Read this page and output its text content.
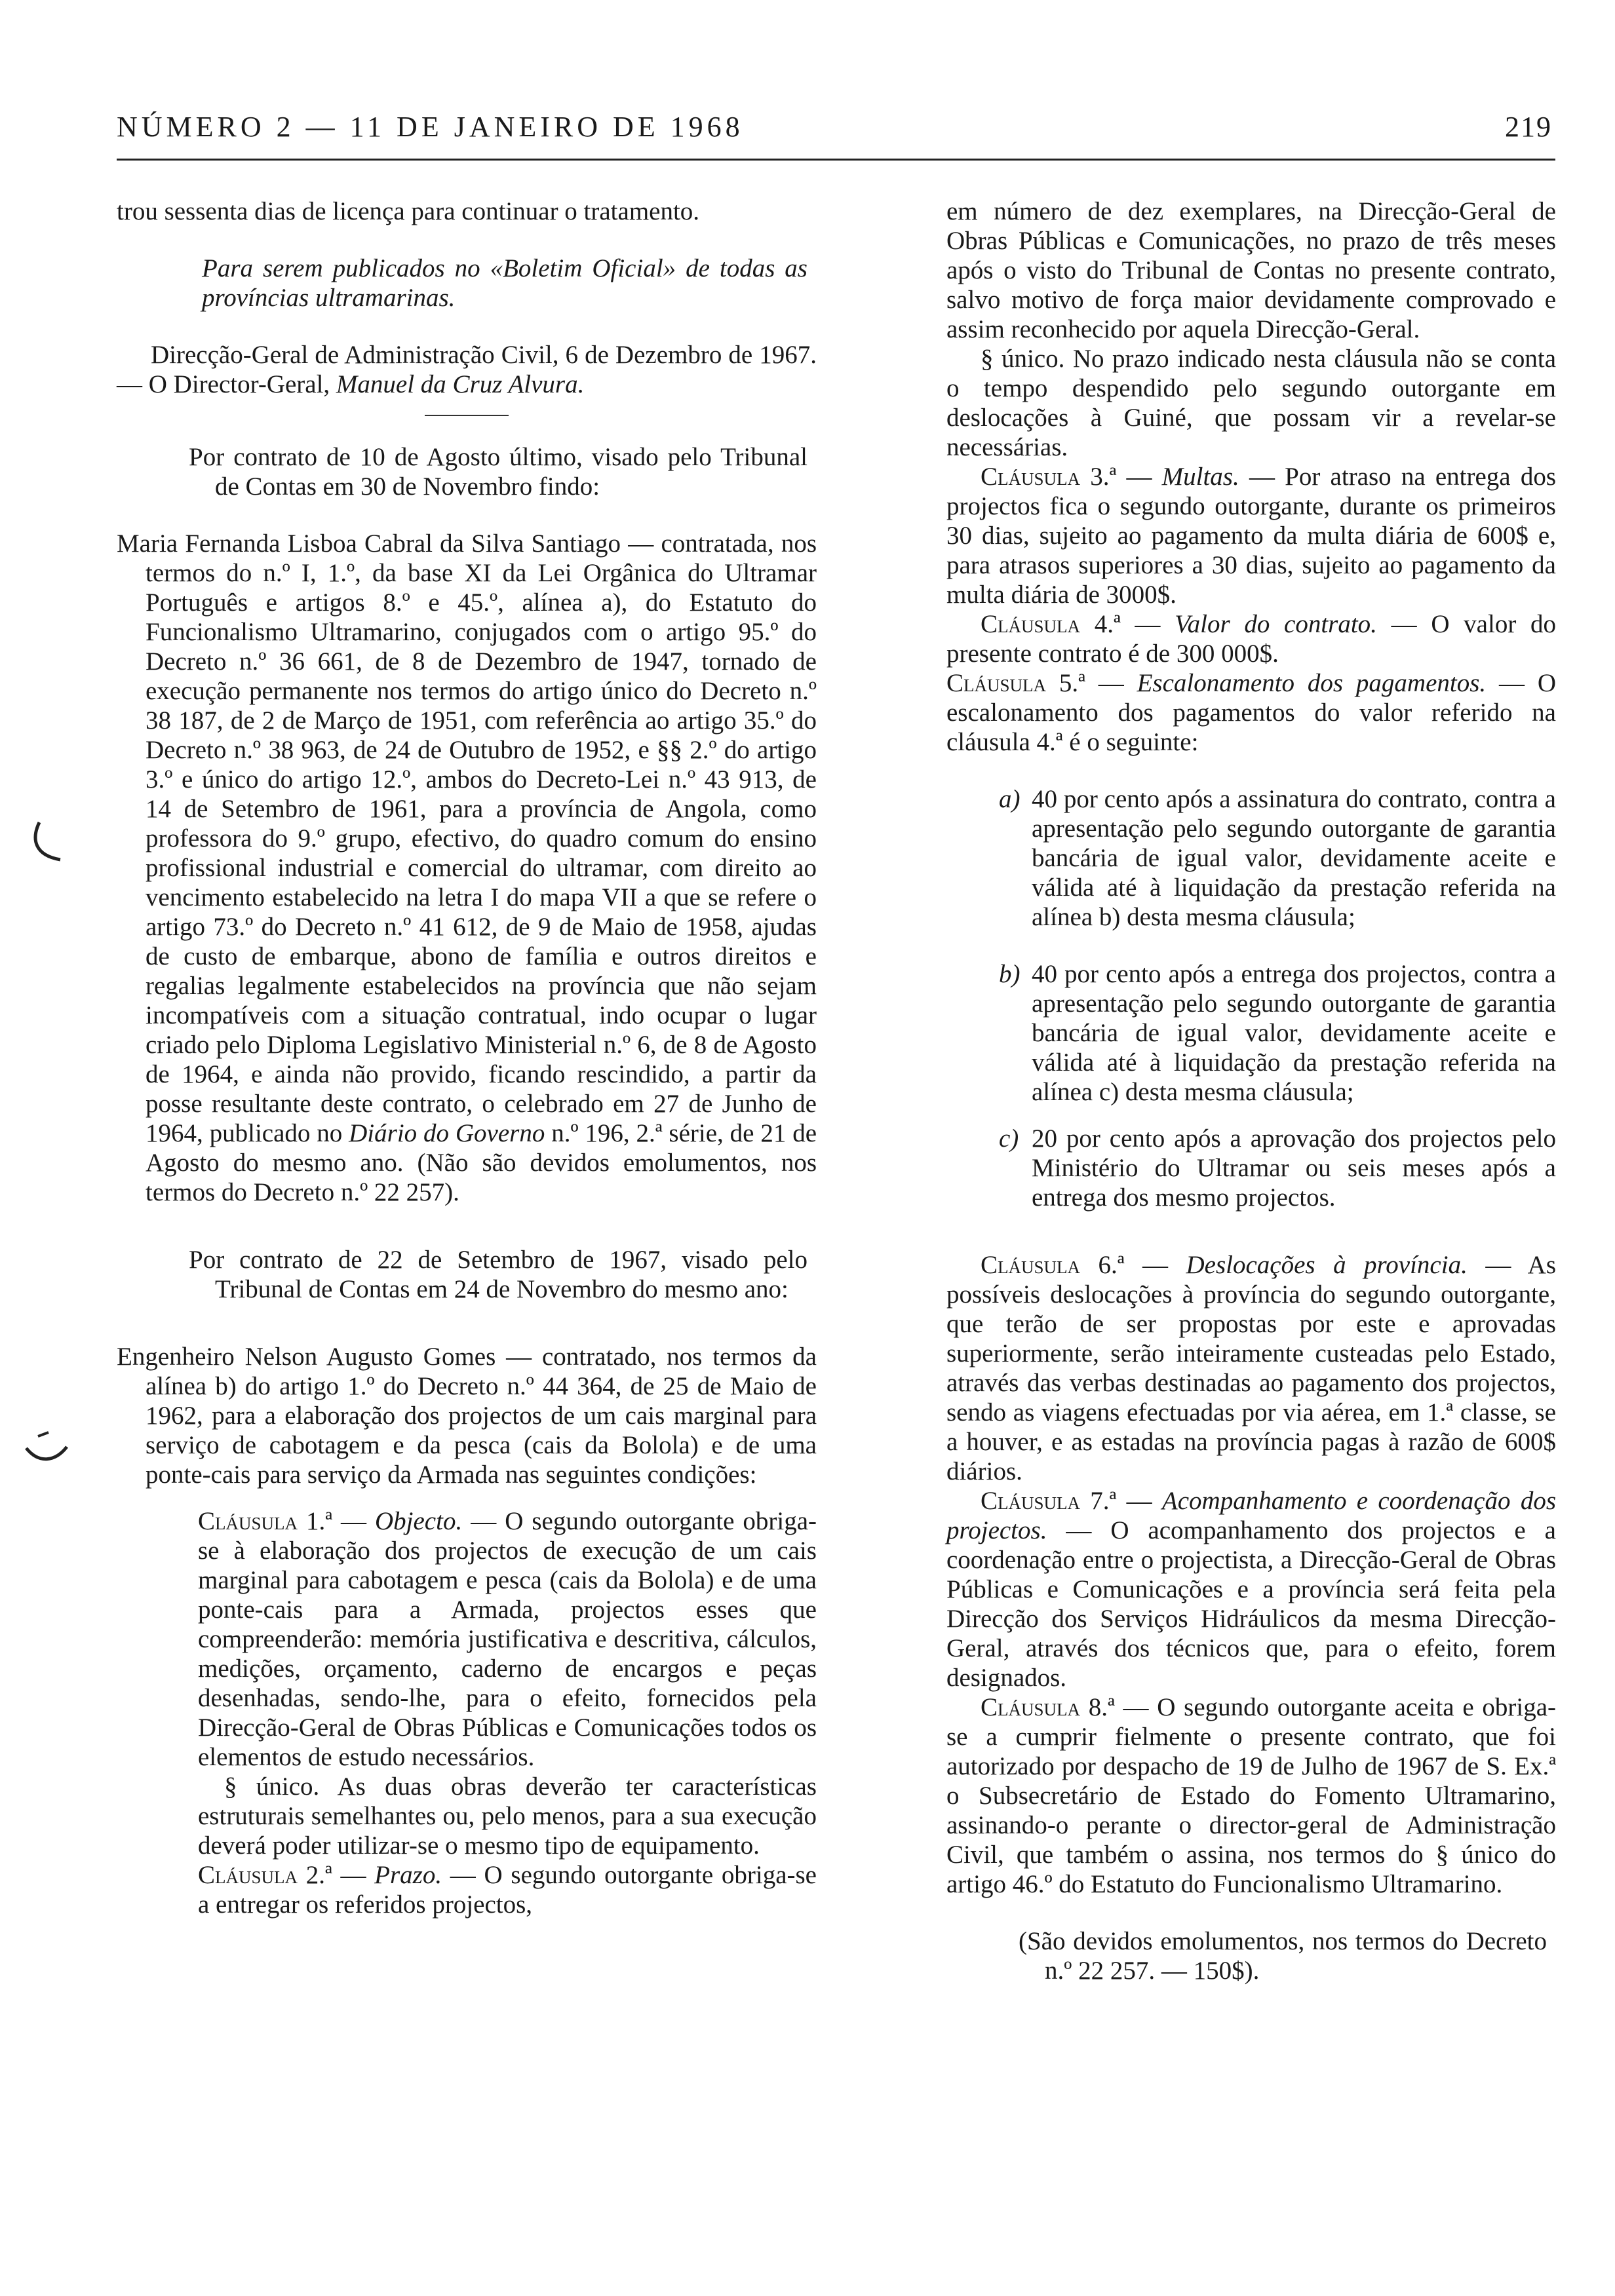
NÚMERO 2 — 11 DE JANEIRO DE 1968	219

trou sessenta dias de licença para continuar o tratamento.

Para serem publicados no «Boletim Oficial» de todas as províncias ultramarinas.

Direcção-Geral de Administração Civil, 6 de Dezembro de 1967. — O Director-Geral, Manuel da Cruz Alvura.

Por contrato de 10 de Agosto último, visado pelo Tribunal de Contas em 30 de Novembro findo:

Maria Fernanda Lisboa Cabral da Silva Santiago — contratada, nos termos do n.º I, 1.º, da base XI da Lei Orgânica do Ultramar Português e artigos 8.º e 45.º, alínea a), do Estatuto do Funcionalismo Ultramarino, conjugados com o artigo 95.º do Decreto n.º 36 661, de 8 de Dezembro de 1947, tornado de execução permanente nos termos do artigo único do Decreto n.º 38 187, de 2 de Março de 1951, com referência ao artigo 35.º do Decreto n.º 38 963, de 24 de Outubro de 1952, e §§ 2.º do artigo 3.º e único do artigo 12.º, ambos do Decreto-Lei n.º 43 913, de 14 de Setembro de 1961, para a província de Angola, como professora do 9.º grupo, efectivo, do quadro comum do ensino profissional industrial e comercial do ultramar, com direito ao vencimento estabelecido na letra I do mapa VII a que se refere o artigo 73.º do Decreto n.º 41 612, de 9 de Maio de 1958, ajudas de custo de embarque, abono de família e outros direitos e regalias legalmente estabelecidos na província que não sejam incompatíveis com a situação contratual, indo ocupar o lugar criado pelo Diploma Legislativo Ministerial n.º 6, de 8 de Agosto de 1964, e ainda não provido, ficando rescindido, a partir da posse resultante deste contrato, o celebrado em 27 de Junho de 1964, publicado no Diário do Governo n.º 196, 2.ª série, de 21 de Agosto do mesmo ano. (Não são devidos emolumentos, nos termos do Decreto n.º 22 257).

Por contrato de 22 de Setembro de 1967, visado pelo Tribunal de Contas em 24 de Novembro do mesmo ano:

Engenheiro Nelson Augusto Gomes — contratado, nos termos da alínea b) do artigo 1.º do Decreto n.º 44 364, de 25 de Maio de 1962, para a elaboração dos projectos de um cais marginal para serviço de cabotagem e da pesca (cais da Bolola) e de uma ponte-cais para serviço da Armada nas seguintes condições:

Cláusula 1.ª — Objecto. — O segundo outorgante obriga-se à elaboração dos projectos de execução de um cais marginal para cabotagem e pesca (cais da Bolola) e de uma ponte-cais para a Armada, projectos esses que compreenderão: memória justificativa e descritiva, cálculos, medições, orçamento, caderno de encargos e peças desenhadas, sendo-lhe, para o efeito, fornecidos pela Direcção-Geral de Obras Públicas e Comunicações todos os elementos de estudo necessários.

§ único. As duas obras deverão ter características estruturais semelhantes ou, pelo menos, para a sua execução deverá poder utilizar-se o mesmo tipo de equipamento.

Cláusula 2.ª — Prazo. — O segundo outorgante obriga-se a entregar os referidos projectos,

em número de dez exemplares, na Direcção-Geral de Obras Públicas e Comunicações, no prazo de três meses após o visto do Tribunal de Contas no presente contrato, salvo motivo de força maior devidamente comprovado e assim reconhecido por aquela Direcção-Geral.

§ único. No prazo indicado nesta cláusula não se conta o tempo despendido pelo segundo outorgante em deslocações à Guiné, que possam vir a revelar-se necessárias.

Cláusula 3.ª — Multas. — Por atraso na entrega dos projectos fica o segundo outorgante, durante os primeiros 30 dias, sujeito ao pagamento da multa diária de 600$ e, para atrasos superiores a 30 dias, sujeito ao pagamento da multa diária de 3000$.

Cláusula 4.ª — Valor do contrato. — O valor do presente contrato é de 300 000$.

Cláusula 5.ª — Escalonamento dos pagamentos. — O escalonamento dos pagamentos do valor referido na cláusula 4.ª é o seguinte:

a) 40 por cento após a assinatura do contrato, contra a apresentação pelo segundo outorgante de garantia bancária de igual valor, devidamente aceite e válida até à liquidação da prestação referida na alínea b) desta mesma cláusula;

b) 40 por cento após a entrega dos projectos, contra a apresentação pelo segundo outorgante de garantia bancária de igual valor, devidamente aceite e válida até à liquidação da prestação referida na alínea c) desta mesma cláusula;

c) 20 por cento após a aprovação dos projectos pelo Ministério do Ultramar ou seis meses após a entrega dos mesmo projectos.

Cláusula 6.ª — Deslocações à província. — As possíveis deslocações à província do segundo outorgante, que terão de ser propostas por este e aprovadas superiormente, serão inteiramente custeadas pelo Estado, através das verbas destinadas ao pagamento dos projectos, sendo as viagens efectuadas por via aérea, em 1.ª classe, se a houver, e as estadas na província pagas à razão de 600$ diários.

Cláusula 7.ª — Acompanhamento e coordenação dos projectos. — O acompanhamento dos projectos e a coordenação entre o projectista, a Direcção-Geral de Obras Públicas e Comunicações e a província será feita pela Direcção dos Serviços Hidráulicos da mesma Direcção-Geral, através dos técnicos que, para o efeito, forem designados.

Cláusula 8.ª — O segundo outorgante aceita e obriga-se a cumprir fielmente o presente contrato, que foi autorizado por despacho de 19 de Julho de 1967 de S. Ex.ª o Subsecretário de Estado do Fomento Ultramarino, assinando-o perante o director-geral de Administração Civil, que também o assina, nos termos do § único do artigo 46.º do Estatuto do Funcionalismo Ultramarino.

(São devidos emolumentos, nos termos do Decreto n.º 22 257. — 150$).
